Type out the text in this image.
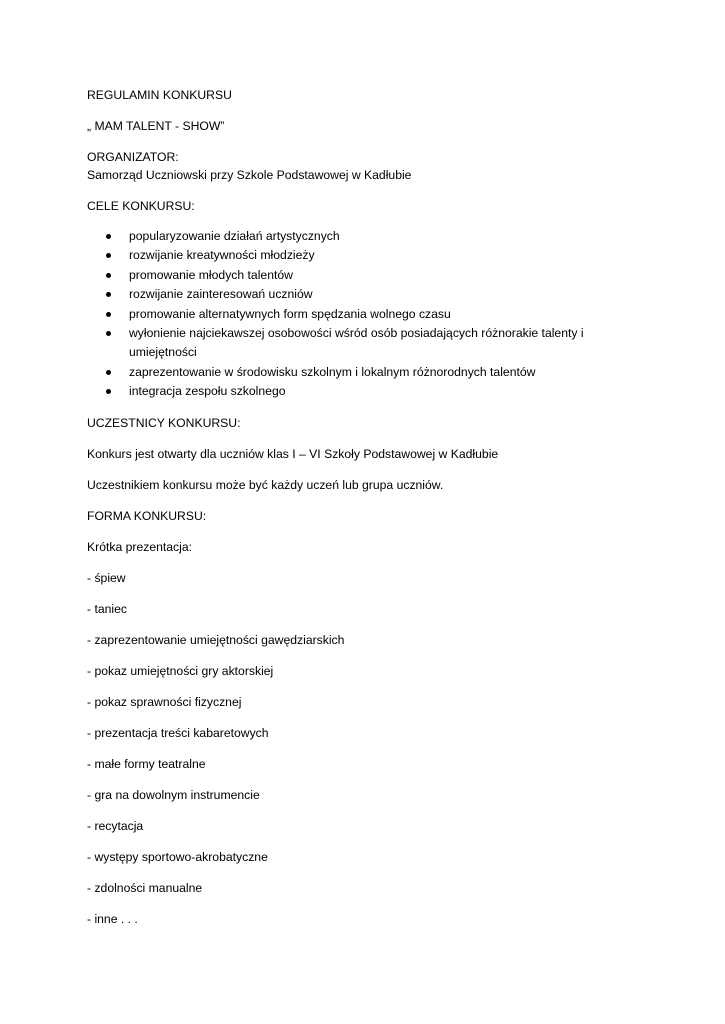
REGULAMIN KONKURSU
„ MAM TALENT - SHOW”
ORGANIZATOR:
Samorząd Uczniowski przy Szkole Podstawowej w Kadłubie
CELE KONKURSU:
popularyzowanie działań artystycznych
rozwijanie kreatywności młodzieży
promowanie młodych talentów
rozwijanie zainteresowań uczniów
promowanie alternatywnych form spędzania wolnego czasu
wyłonienie najciekawszej osobowości wśród osób posiadających różnorakie talenty i umiejętności
zaprezentowanie w środowisku szkolnym i lokalnym różnorodnych talentów
integracja zespołu szkolnego
UCZESTNICY KONKURSU:
Konkurs jest otwarty dla uczniów klas I – VI Szkoły Podstawowej w Kadłubie
Uczestnikiem konkursu może być każdy uczeń lub grupa uczniów.
FORMA KONKURSU:
Krótka prezentacja:
- śpiew
- taniec
- zaprezentowanie umiejętności gawędziarskich
- pokaz umiejętności gry aktorskiej
- pokaz sprawności fizycznej
- prezentacja treści kabaretowych
- małe formy teatralne
- gra na dowolnym instrumencie
- recytacja
- występy sportowo-akrobatyczne
- zdolności manualne
- inne . . .
